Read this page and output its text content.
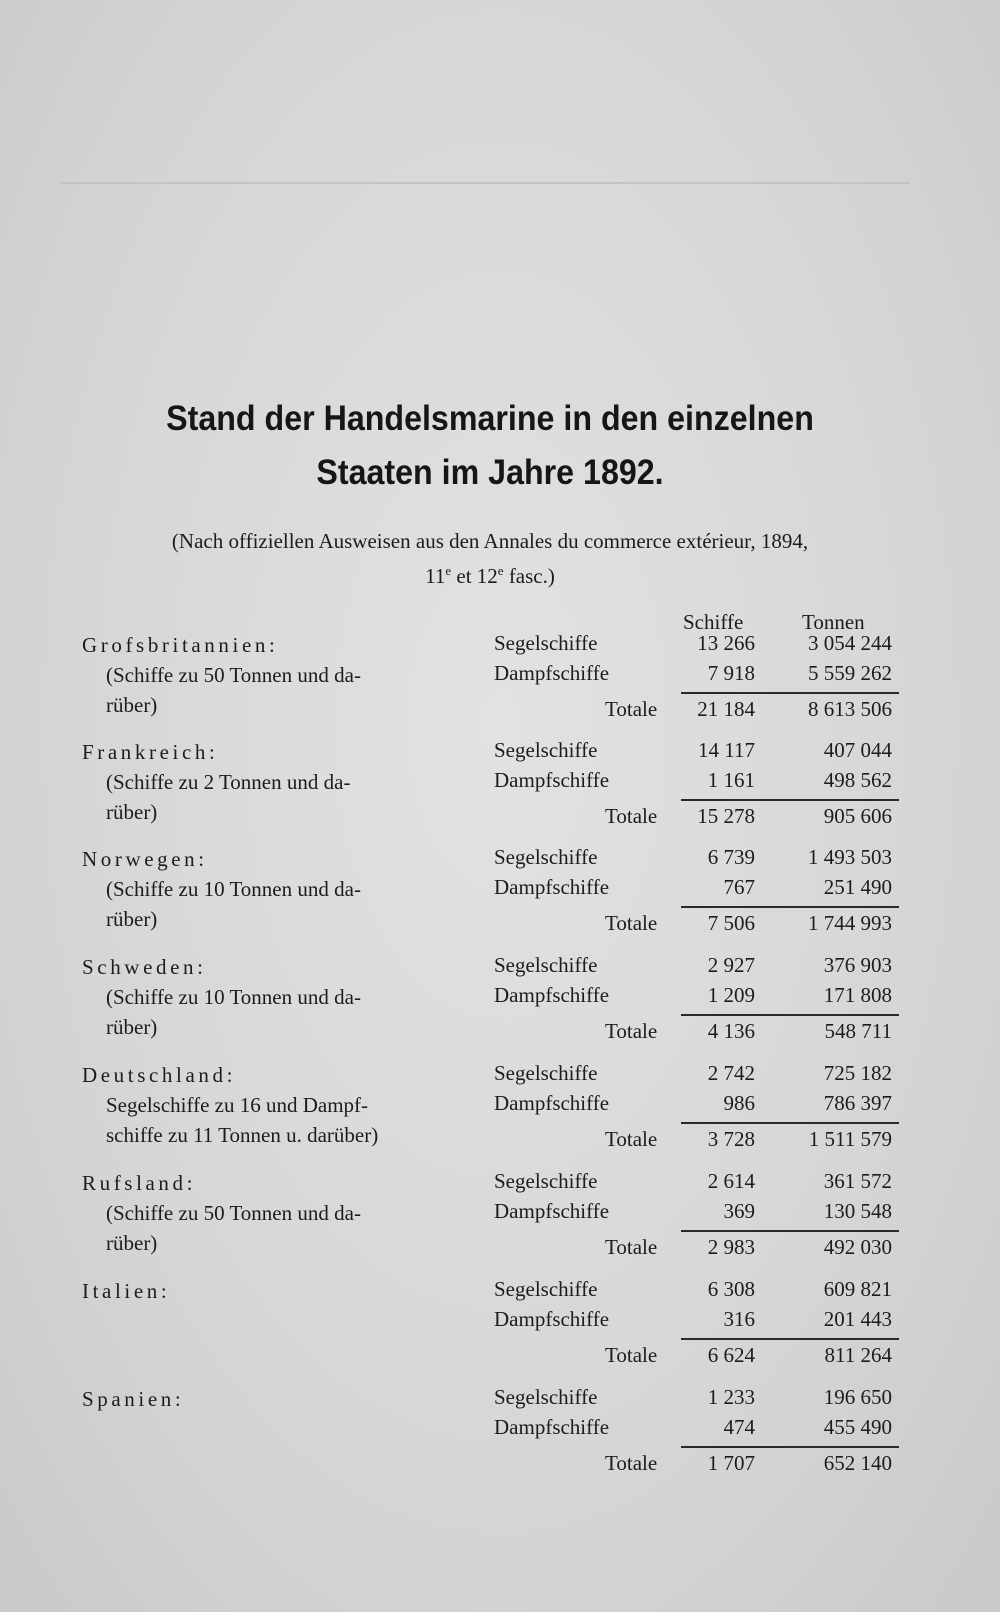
Stand der Handelsmarine in den einzelnen
Staaten im Jahre 1892.
(Nach offiziellen Ausweisen aus den Annales du commerce extérieur, 1894,
11e et 12e fasc.)
Schiffe	Tonnen
Grofsbritannien:
(Schiffe zu 50 Tonnen und da-
rüber)
Segelschiffe	13 266	3 054 244
Dampfschiffe	7 918	5 559 262
Totale	21 184	8 613 506
Frankreich:
(Schiffe zu 2 Tonnen und da-
rüber)
Segelschiffe	14 117	407 044
Dampfschiffe	1 161	498 562
Totale	15 278	905 606
Norwegen:
(Schiffe zu 10 Tonnen und da-
rüber)
Segelschiffe	6 739	1 493 503
Dampfschiffe	767	251 490
Totale	7 506	1 744 993
Schweden:
(Schiffe zu 10 Tonnen und da-
rüber)
Segelschiffe	2 927	376 903
Dampfschiffe	1 209	171 808
Totale	4 136	548 711
Deutschland:
Segelschiffe zu 16 und Dampf-
schiffe zu 11 Tonnen u. darüber)
Segelschiffe	2 742	725 182
Dampfschiffe	986	786 397
Totale	3 728	1 511 579
Rufsland:
(Schiffe zu 50 Tonnen und da-
rüber)
Segelschiffe	2 614	361 572
Dampfschiffe	369	130 548
Totale	2 983	492 030
Italien:	Segelschiffe	6 308	609 821
Dampfschiffe	316	201 443
Totale	6 624	811 264
Spanien:	Segelschiffe	1 233	196 650
Dampfschiffe	474	455 490
Totale	1 707	652 140
